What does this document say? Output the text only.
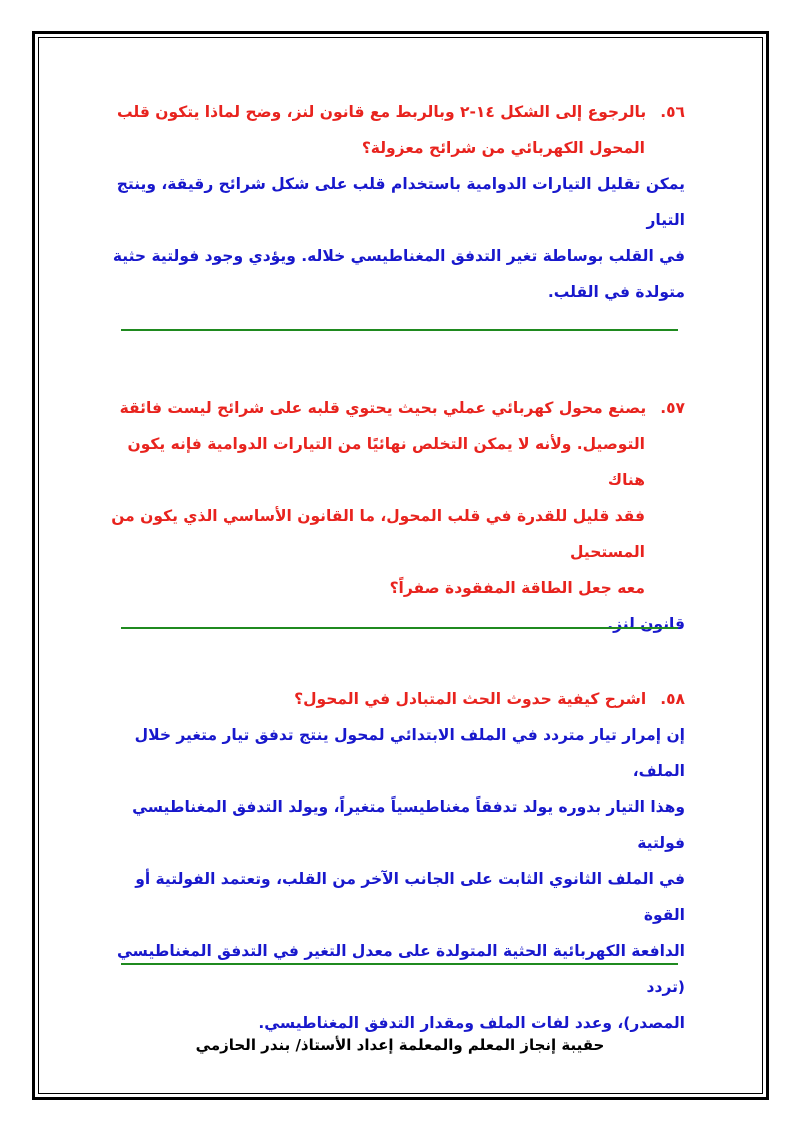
٥٦.بالرجوع إلى الشكل ١٤-٢ وبالربط مع قانون لنز، وضح لماذا يتكون قلب
المحول الكهربائي من شرائح معزولة؟
يمكن تقليل التيارات الدوامية باستخدام قلب على شكل شرائح رقيقة، وينتج التيار
في القلب بوساطة تغير التدفق المغناطيسي خلاله. ويؤدي وجود فولتية حثية
متولدة في القلب.
٥٧.يصنع محول كهربائي عملي بحيث يحتوي قلبه على شرائح ليست فائقة
التوصيل. ولأنه لا يمكن التخلص نهائيًا من التيارات الدوامية فإنه يكون هناك
فقد قليل للقدرة في قلب المحول، ما القانون الأساسي الذي يكون من المستحيل
معه جعل الطاقة المفقودة صفراً؟
قانون لنز.
٥٨.اشرح كيفية حدوث الحث المتبادل في المحول؟
إن إمرار تيار متردد في الملف الابتدائي لمحول ينتج تدفق تيار متغير خلال الملف،
وهذا التيار بدوره يولد تدفقاً مغناطيسياً متغيراً، ويولد التدفق المغناطيسي فولتية
في الملف الثانوي الثابت على الجانب الآخر من القلب، وتعتمد الفولتية أو القوة
الدافعة الكهربائية الحثية المتولدة على معدل التغير في التدفق المغناطيسي (تردد
المصدر)، وعدد لفات الملف ومقدار التدفق المغناطيسي.
حقيبة إنجاز المعلم والمعلمة إعداد الأستاذ/ بندر الحازمي
